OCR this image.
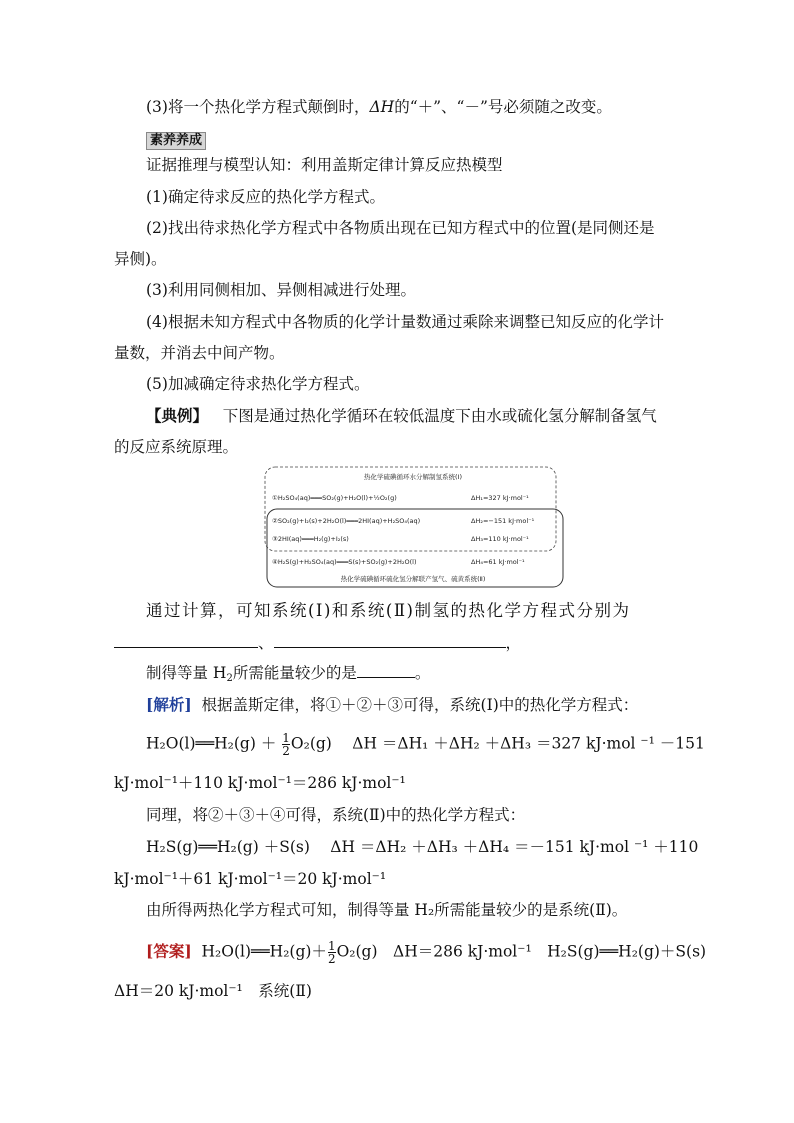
(3)将一个热化学方程式颠倒时，ΔH的“＋”、“－”号必须随之改变。
素养养成
证据推理与模型认知：利用盖斯定律计算反应热模型
(1)确定待求反应的热化学方程式。
(2)找出待求热化学方程式中各物质出现在已知方程式中的位置(是同侧还是
异侧)。
(3)利用同侧相加、异侧相减进行处理。
(4)根据未知方程式中各物质的化学计量数通过乘除来调整已知反应的化学计
量数，并消去中间产物。
(5)加减确定待求热化学方程式。
【典例】 下图是通过热化学循环在较低温度下由水或硫化氢分解制备氢气
的反应系统原理。
热化学硫碘循环水分解制氢系统(Ⅰ)
①H₂SO₄(aq)═══SO₂(g)+H₂O(l)+½O₂(g)	ΔH₁=327 kJ·mol⁻¹
②SO₂(g)+I₂(s)+2H₂O(l)═══2HI(aq)+H₂SO₄(aq)	ΔH₂=−151 kJ·mol⁻¹
③2HI(aq)═══H₂(g)+I₂(s)	ΔH₃=110 kJ·mol⁻¹
④H₂S(g)+H₂SO₄(aq)═══S(s)+SO₂(g)+2H₂O(l)	ΔH₄=61 kJ·mol⁻¹
热化学硫碘循环硫化氢分解联产氢气、硫黄系统(Ⅱ)
通过计算，可知系统(Ⅰ)和系统(Ⅱ)制氢的热化学方程式分别为
、	，
制得等量 $H_2$所需能量较少的是	。
[解析] 根据盖斯定律，将①＋②＋③可得，系统(Ⅰ)中的热化学方程式：
H₂O(l)══H₂(g) ＋ $\frac{1}{2} O_2(g)$　 ΔH ＝ΔH₁ ＋ΔH₂ ＋ΔH₃ ＝327 kJ·mol ⁻¹ －151
kJ·mol⁻¹＋110 kJ·mol⁻¹＝286 kJ·mol⁻¹
同理，将②＋③＋④可得，系统(Ⅱ)中的热化学方程式：
H₂S(g)══H₂(g) ＋S(s)　 ΔH ＝ΔH₂ ＋ΔH₃ ＋ΔH₄ ＝－151 kJ·mol ⁻¹ ＋110
kJ·mol⁻¹＋61 kJ·mol⁻¹＝20 kJ·mol⁻¹
由所得两热化学方程式可知，制得等量 H₂所需能量较少的是系统(Ⅱ)。
[答案] H₂O(l)══H₂(g)＋ $\frac{1}{2} O_2(g)$　ΔH＝286 kJ·mol⁻¹　H₂S(g)══H₂(g)＋S(s)
ΔH＝20 kJ·mol⁻¹　系统(Ⅱ)
